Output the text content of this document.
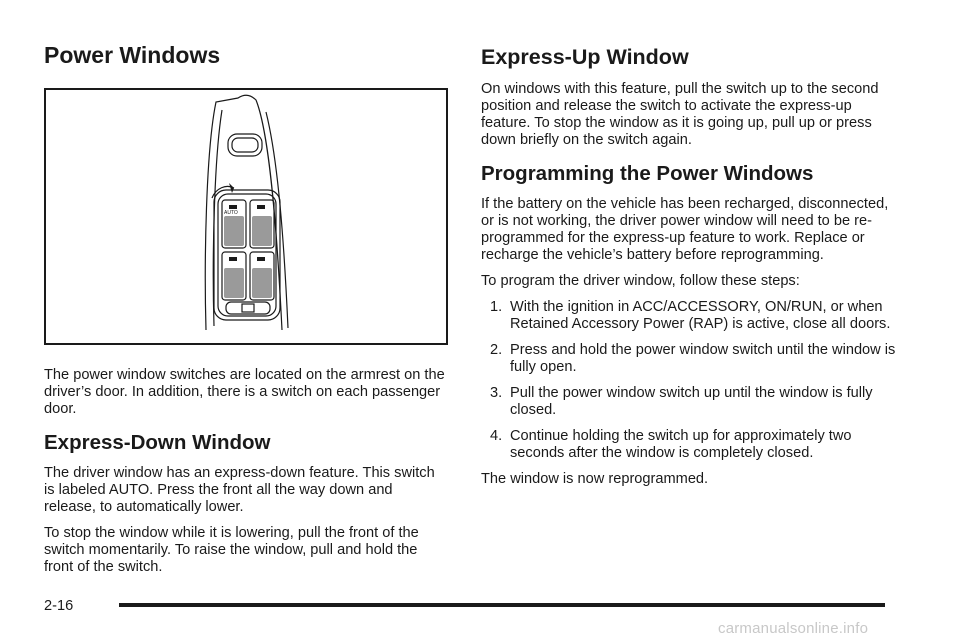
Power Windows
AUTO

The power window switches are located on the armrest on the driver’s door. In addition, there is a switch on each passenger door.

Express-Down Window

The driver window has an express-down feature. This switch is labeled AUTO. Press the front all the way down and release, to automatically lower.

To stop the window while it is lowering, pull the front of the switch momentarily. To raise the window, pull and hold the front of the switch.

Express-Up Window

On windows with this feature, pull the switch up to the second position and release the switch to activate the express-up feature. To stop the window as it is going up, pull up or press down briefly on the switch again.

Programming the Power Windows

If the battery on the vehicle has been recharged, disconnected, or is not working, the driver power window will need to be re-programmed for the express-up feature to work. Replace or recharge the vehicle’s battery before reprogramming.

To program the driver window, follow these steps:

1. With the ignition in ACC/ACCESSORY, ON/RUN, or when Retained Accessory Power (RAP) is active, close all doors.
2. Press and hold the power window switch until the window is fully open.
3. Pull the power window switch up until the window is fully closed.
4. Continue holding the switch up for approximately two seconds after the window is completely closed.

The window is now reprogrammed.

2-16
carmanualsonline.info
